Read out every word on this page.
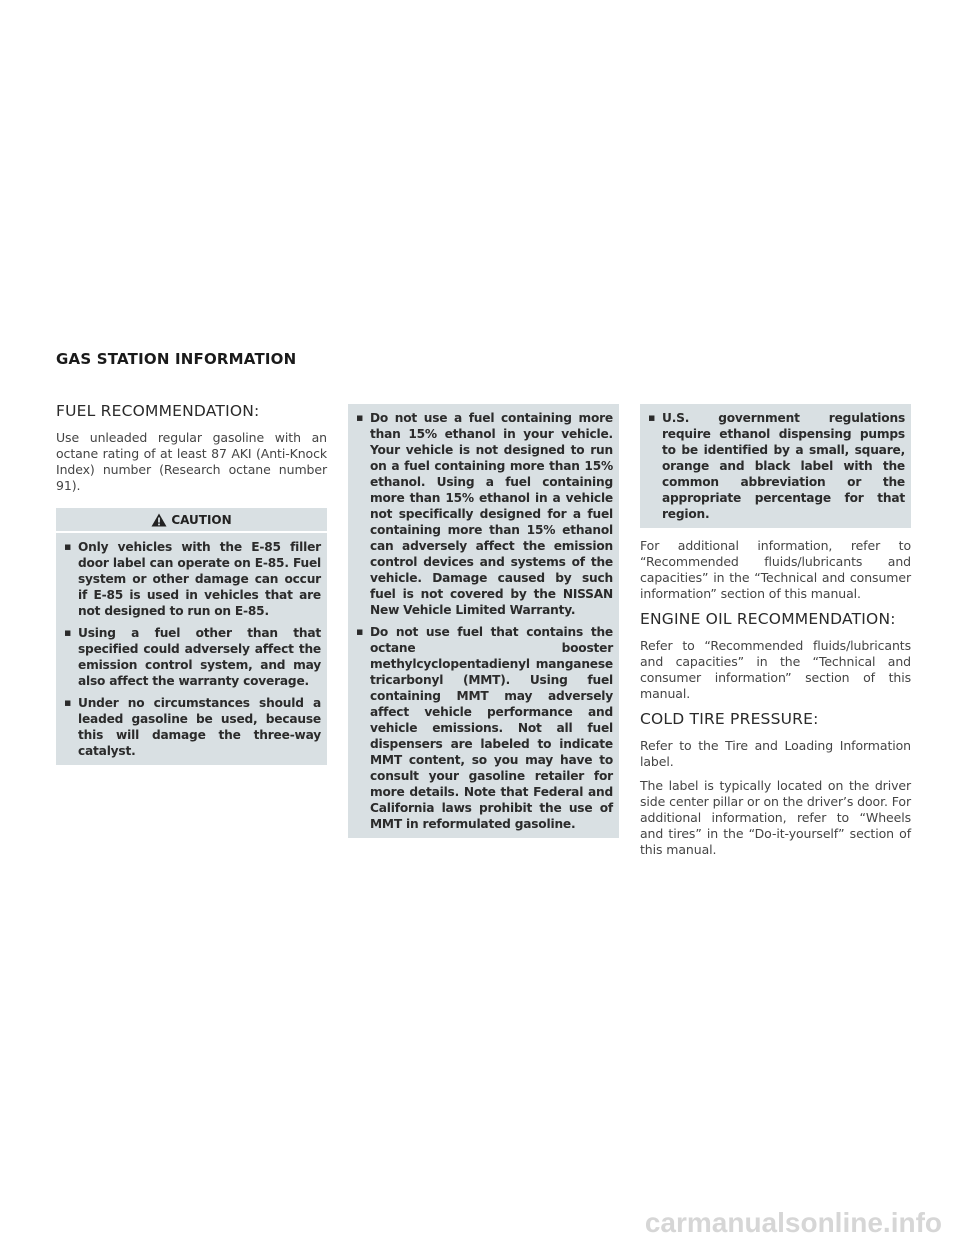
GAS STATION INFORMATION
FUEL RECOMMENDATION:

Use unleaded regular gasoline with an octane rating of at least 87 AKI (Anti-Knock Index) number (Research octane number 91).

CAUTION
▪ Only vehicles with the E-85 filler door label can operate on E-85. Fuel system or other damage can occur if E-85 is used in vehicles that are not designed to run on E-85.
▪ Using a fuel other than that specified could adversely affect the emission control system, and may also affect the warranty coverage.
▪ Under no circumstances should a leaded gasoline be used, because this will damage the three-way catalyst.
▪ Do not use a fuel containing more than 15% ethanol in your vehicle. Your vehicle is not designed to run on a fuel containing more than 15% ethanol. Using a fuel containing more than 15% ethanol in a vehicle not specifically designed for a fuel containing more than 15% ethanol can adversely affect the emission control devices and systems of the vehicle. Damage caused by such fuel is not covered by the NISSAN New Vehicle Limited Warranty.
▪ Do not use fuel that contains the octane booster methylcyclopentadienyl manganese tricarbonyl (MMT). Using fuel containing MMT may adversely affect vehicle performance and vehicle emissions. Not all fuel dispensers are labeled to indicate MMT content, so you may have to consult your gasoline retailer for more details. Note that Federal and California laws prohibit the use of MMT in reformulated gasoline.
▪ U.S. government regulations require ethanol dispensing pumps to be identified by a small, square, orange and black label with the common abbreviation or the appropriate percentage for that region.

For additional information, refer to “Recommended fluids/lubricants and capacities” in the “Technical and consumer information” section of this manual.

ENGINE OIL RECOMMENDATION:

Refer to “Recommended fluids/lubricants and capacities” in the “Technical and consumer information” section of this manual.

COLD TIRE PRESSURE:

Refer to the Tire and Loading Information label.

The label is typically located on the driver side center pillar or on the driver’s door. For additional information, refer to “Wheels and tires” in the “Do-it-yourself” section of this manual.

carmanualsonline.info
